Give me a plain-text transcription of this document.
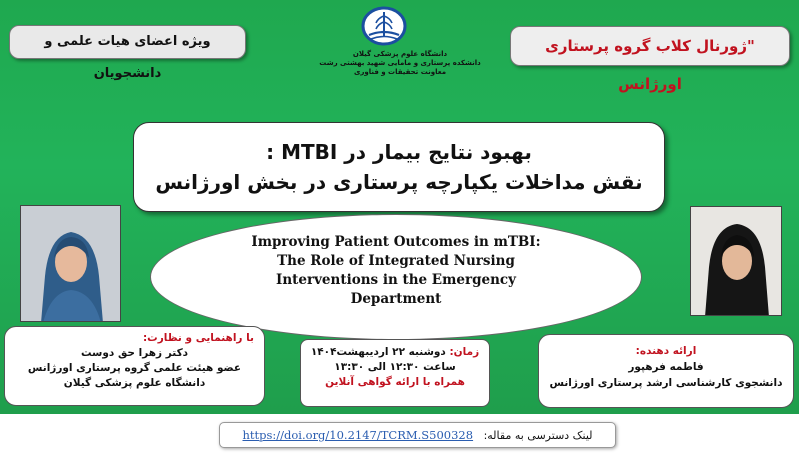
ویژه اعضای هیات علمی و دانشجویان
"ژورنال کلاب گروه پرستاری اورژانس
دانشگاه علوم پزشکی گیلان
دانشکده پرستاری و مامایی شهید بهشتی رشت
معاونت تحقیقات و فناوری
بهبود نتایج بیمار در MTBI :
نقش مداخلات یکپارچه پرستاری در بخش اورژانس
Improving Patient Outcomes in mTBI:
The Role of Integrated Nursing
Interventions in the Emergency
Department
با راهنمایی و نظارت:
دکتر زهرا حق دوست
عضو هیئت علمی گروه پرستاری اورژانس
دانشگاه علوم پزشکی گیلان
زمان: دوشنبه ۲۲ اردیبهشت۱۴۰۴
ساعت ۱۲:۳۰ الی ۱۳:۳۰
همراه با ارائه گواهی آنلاین
ارائه دهنده:
فاطمه فرهپور
دانشجوی کارشناسی ارشد پرستاری اورژانس
لینک دسترسی به مقاله:   https://doi.org/10.2147/TCRM.S500328
